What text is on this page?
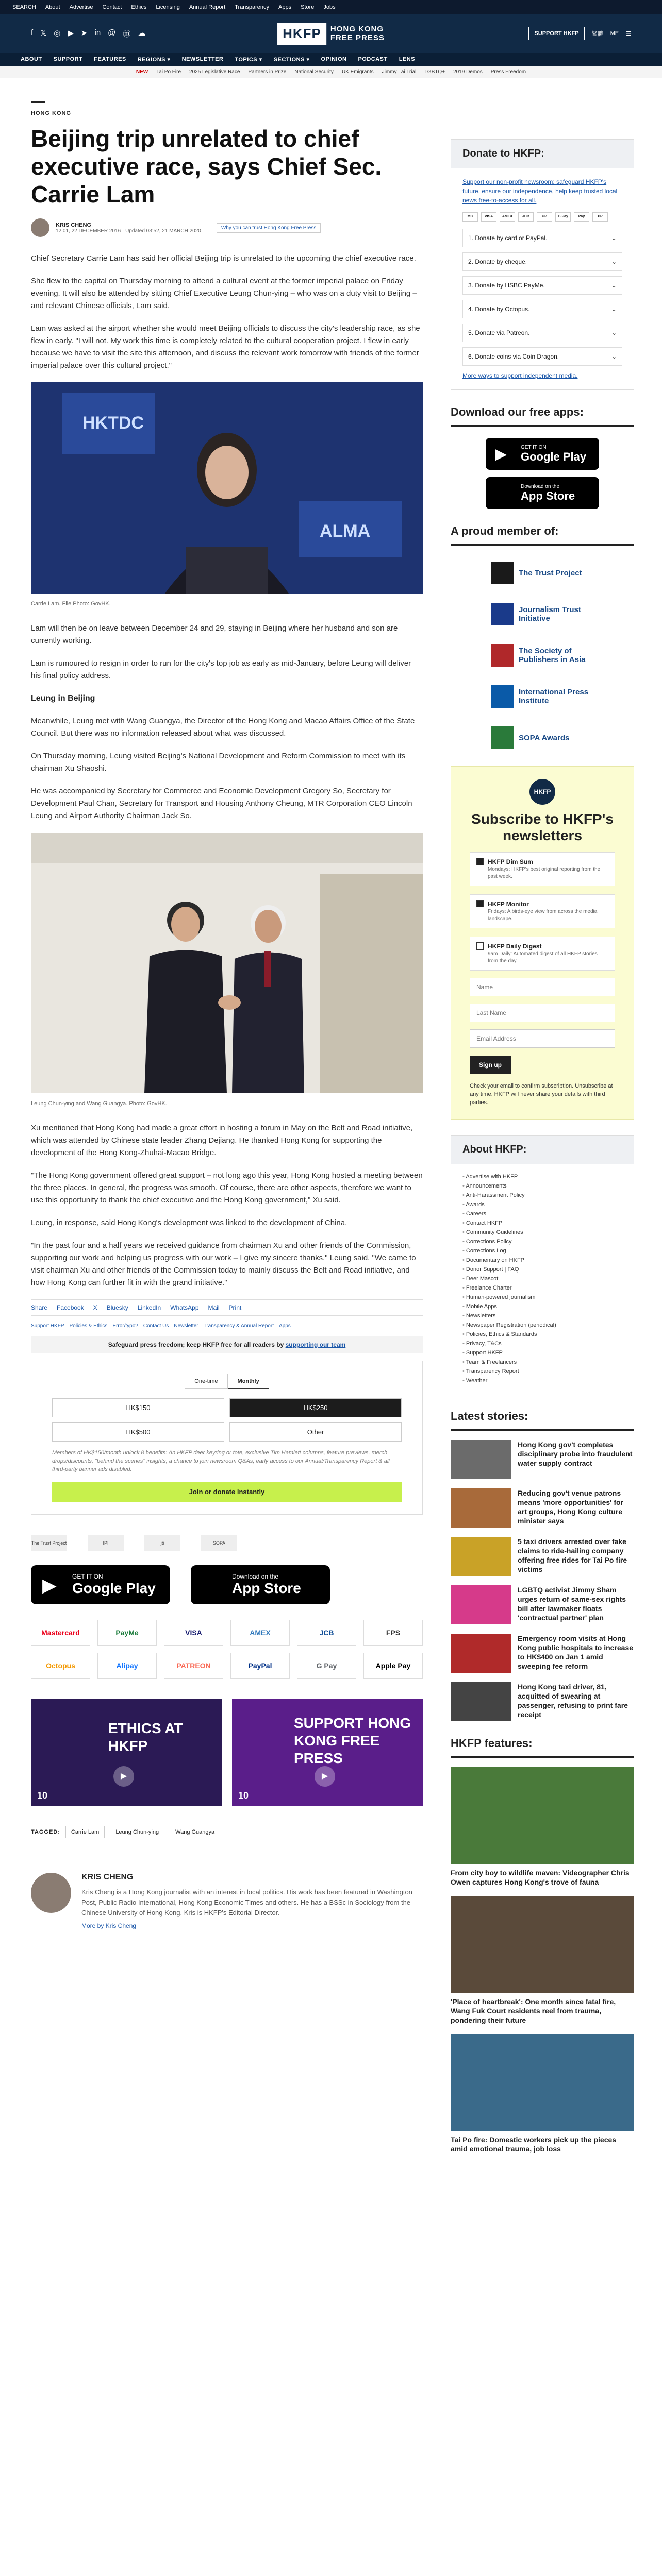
SEARCH About Advertise Contact Ethics Licensing Annual Report Transparency Apps Store Jobs
f 𝕏 ◎ ▶ ➤ in @ ⓜ ☁	HKFP	HONG KONG
FREE PRESS	SUPPORT HKFP	繁體 ME ☰
ABOUT SUPPORT FEATURES REGIONS ▾ NEWSLETTER TOPICS ▾ SECTIONS ▾ OPINION PODCAST LENS
NEW Tai Po Fire 2025 Legislative Race Partners in Prize National Security UK Emigrants Jimmy Lai Trial LGBTQ+ 2019 Demos Press Freedom
HONG KONG
Beijing trip unrelated to chief executive race, says Chief Sec. Carrie Lam
KRIS CHENG
12:01, 22 DECEMBER 2016 · Updated 03:52, 21 MARCH 2020
Why you can trust Hong Kong Free Press

Chief Secretary Carrie Lam has said her official Beijing trip is unrelated to the upcoming the chief executive race.

She flew to the capital on Thursday morning to attend a cultural event at the former imperial palace on Friday evening. It will also be attended by sitting Chief Executive Leung Chun-ying – who was on a duty visit to Beijing – and relevant Chinese officials, Lam said.

Lam was asked at the airport whether she would meet Beijing officials to discuss the city's leadership race, as she flew in early. "I will not. My work this time is completely related to the cultural cooperation project. I flew in early because we have to visit the site this afternoon, and discuss the relevant work tomorrow with friends of the former imperial palace over this cultural project."

HKTDC
ALMA
Carrie Lam. File Photo: GovHK.

Lam will then be on leave between December 24 and 29, staying in Beijing where her husband and son are currently working.

Lam is rumoured to resign in order to run for the city's top job as early as mid-January, before Leung will deliver his final policy address.

Leung in Beijing

Meanwhile, Leung met with Wang Guangya, the Director of the Hong Kong and Macao Affairs Office of the State Council. But there was no information released about what was discussed.

On Thursday morning, Leung visited Beijing's National Development and Reform Commission to meet with its chairman Xu Shaoshi.

He was accompanied by Secretary for Commerce and Economic Development Gregory So, Secretary for Development Paul Chan, Secretary for Transport and Housing Anthony Cheung, MTR Corporation CEO Lincoln Leung and Airport Authority Chairman Jack So.

Leung Chun-ying and Wang Guangya. Photo: GovHK.

Xu mentioned that Hong Kong had made a great effort in hosting a forum in May on the Belt and Road initiative, which was attended by Chinese state leader Zhang Dejiang. He thanked Hong Kong for supporting the development of the Hong Kong-Zhuhai-Macao Bridge.

"The Hong Kong government offered great support – not long ago this year, Hong Kong hosted a meeting between the three places. In general, the progress was smooth. Of course, there are other aspects, therefore we want to use this opportunity to thank the chief executive and the Hong Kong government," Xu said.

Leung, in response, said Hong Kong's development was linked to the development of China.

"In the past four and a half years we received guidance from chairman Xu and other friends of the Commission, supporting our work and helping us progress with our work – I give my sincere thanks," Leung said. "We came to visit chairman Xu and other friends of the Commission today to mainly discuss the Belt and Road initiative, and how Hong Kong can further fit in with the grand initiative."

Share Facebook X Bluesky LinkedIn WhatsApp Mail Print
Support HKFP Policies & Ethics Error/typo? Contact Us Newsletter Transparency & Annual Report Apps
Safeguard press freedom; keep HKFP free for all readers by supporting our team
One-time	Monthly
HK$150	HK$250
HK$500	Other
Members of HK$150/month unlock 8 benefits: An HKFP deer keyring or tote, exclusive Tim Hamlett columns, feature previews, merch drops/discounts, "behind the scenes" insights, a chance to join newsroom Q&As, early access to our Annual/Transparency Report & all third-party banner ads disabled.
Join or donate instantly
The Trust Project	IPI	jti	SOPA
▶	GET IT ON
Google Play
Download on the
App Store
Mastercard	PayMe	VISA	AMEX	JCB	FPS
Octopus	Alipay	PATREON	PayPal	G Pay	Apple Pay
ETHICS AT HKFP
▶
10
SUPPORT HONG KONG FREE PRESS
▶
10
TAGGED:	Carrie Lam	Leung Chun-ying	Wang Guangya
KRIS CHENG

Kris Cheng is a Hong Kong journalist with an interest in local politics. His work has been featured in Washington Post, Public Radio International, Hong Kong Economic Times and others. He has a BSSc in Sociology from the Chinese University of Hong Kong. Kris is HKFP's Editorial Director.

More by Kris Cheng
Donate to HKFP:
Support our non-profit newsroom: safeguard HKFP's future, ensure our independence, help keep trusted local news free-to-access for all.
MC	VISA	AMEX	JCB	UP	G Pay	Pay	PP
1. Donate by card or PayPal.	⌄
2. Donate by cheque.	⌄
3. Donate by HSBC PayMe.	⌄
4. Donate by Octopus.	⌄
5. Donate via Patreon.	⌄
6. Donate coins via Coin Dragon.	⌄
More ways to support independent media.
Download our free apps:
▶	GET IT ON
Google Play
Download on the
App Store
A proud member of:
The Trust Project
Journalism Trust Initiative
The Society of Publishers in Asia
International Press Institute
SOPA Awards
HKFP
Subscribe to HKFP's newsletters
HKFP Dim Sum
Mondays: HKFP's best original reporting from the past week.
HKFP Monitor
Fridays: A birds-eye view from across the media landscape.
HKFP Daily Digest
9am Daily: Automated digest of all HKFP stories from the day.
Name Last Name Email Address Sign up
Check your email to confirm subscription. Unsubscribe at any time. HKFP will never share your details with third parties.
About HKFP:
• Advertise with HKFP
• Announcements
• Anti-Harassment Policy
• Awards
• Careers
• Contact HKFP
• Community Guidelines
• Corrections Policy
• Corrections Log
• Documentary on HKFP
• Donor Support | FAQ
• Deer Mascot
• Freelance Charter
• Human-powered journalism
• Mobile Apps
• Newsletters
• Newspaper Registration (periodical)
• Policies, Ethics & Standards
• Privacy, T&Cs
• Support HKFP
• Team & Freelancers
• Transparency Report
• Weather
Latest stories:
Hong Kong gov't completes disciplinary probe into fraudulent water supply contract
Reducing gov't venue patrons means 'more opportunities' for art groups, Hong Kong culture minister says
5 taxi drivers arrested over fake claims to ride-hailing company offering free rides for Tai Po fire victims
LGBTQ activist Jimmy Sham urges return of same-sex rights bill after lawmaker floats 'contractual partner' plan
Emergency room visits at Hong Kong public hospitals to increase to HK$400 on Jan 1 amid sweeping fee reform
Hong Kong taxi driver, 81, acquitted of swearing at passenger, refusing to print fare receipt
HKFP features:
From city boy to wildlife maven: Videographer Chris Owen captures Hong Kong's trove of fauna
'Place of heartbreak': One month since fatal fire, Wang Fuk Court residents reel from trauma, pondering their future
Tai Po fire: Domestic workers pick up the pieces amid emotional trauma, job loss
